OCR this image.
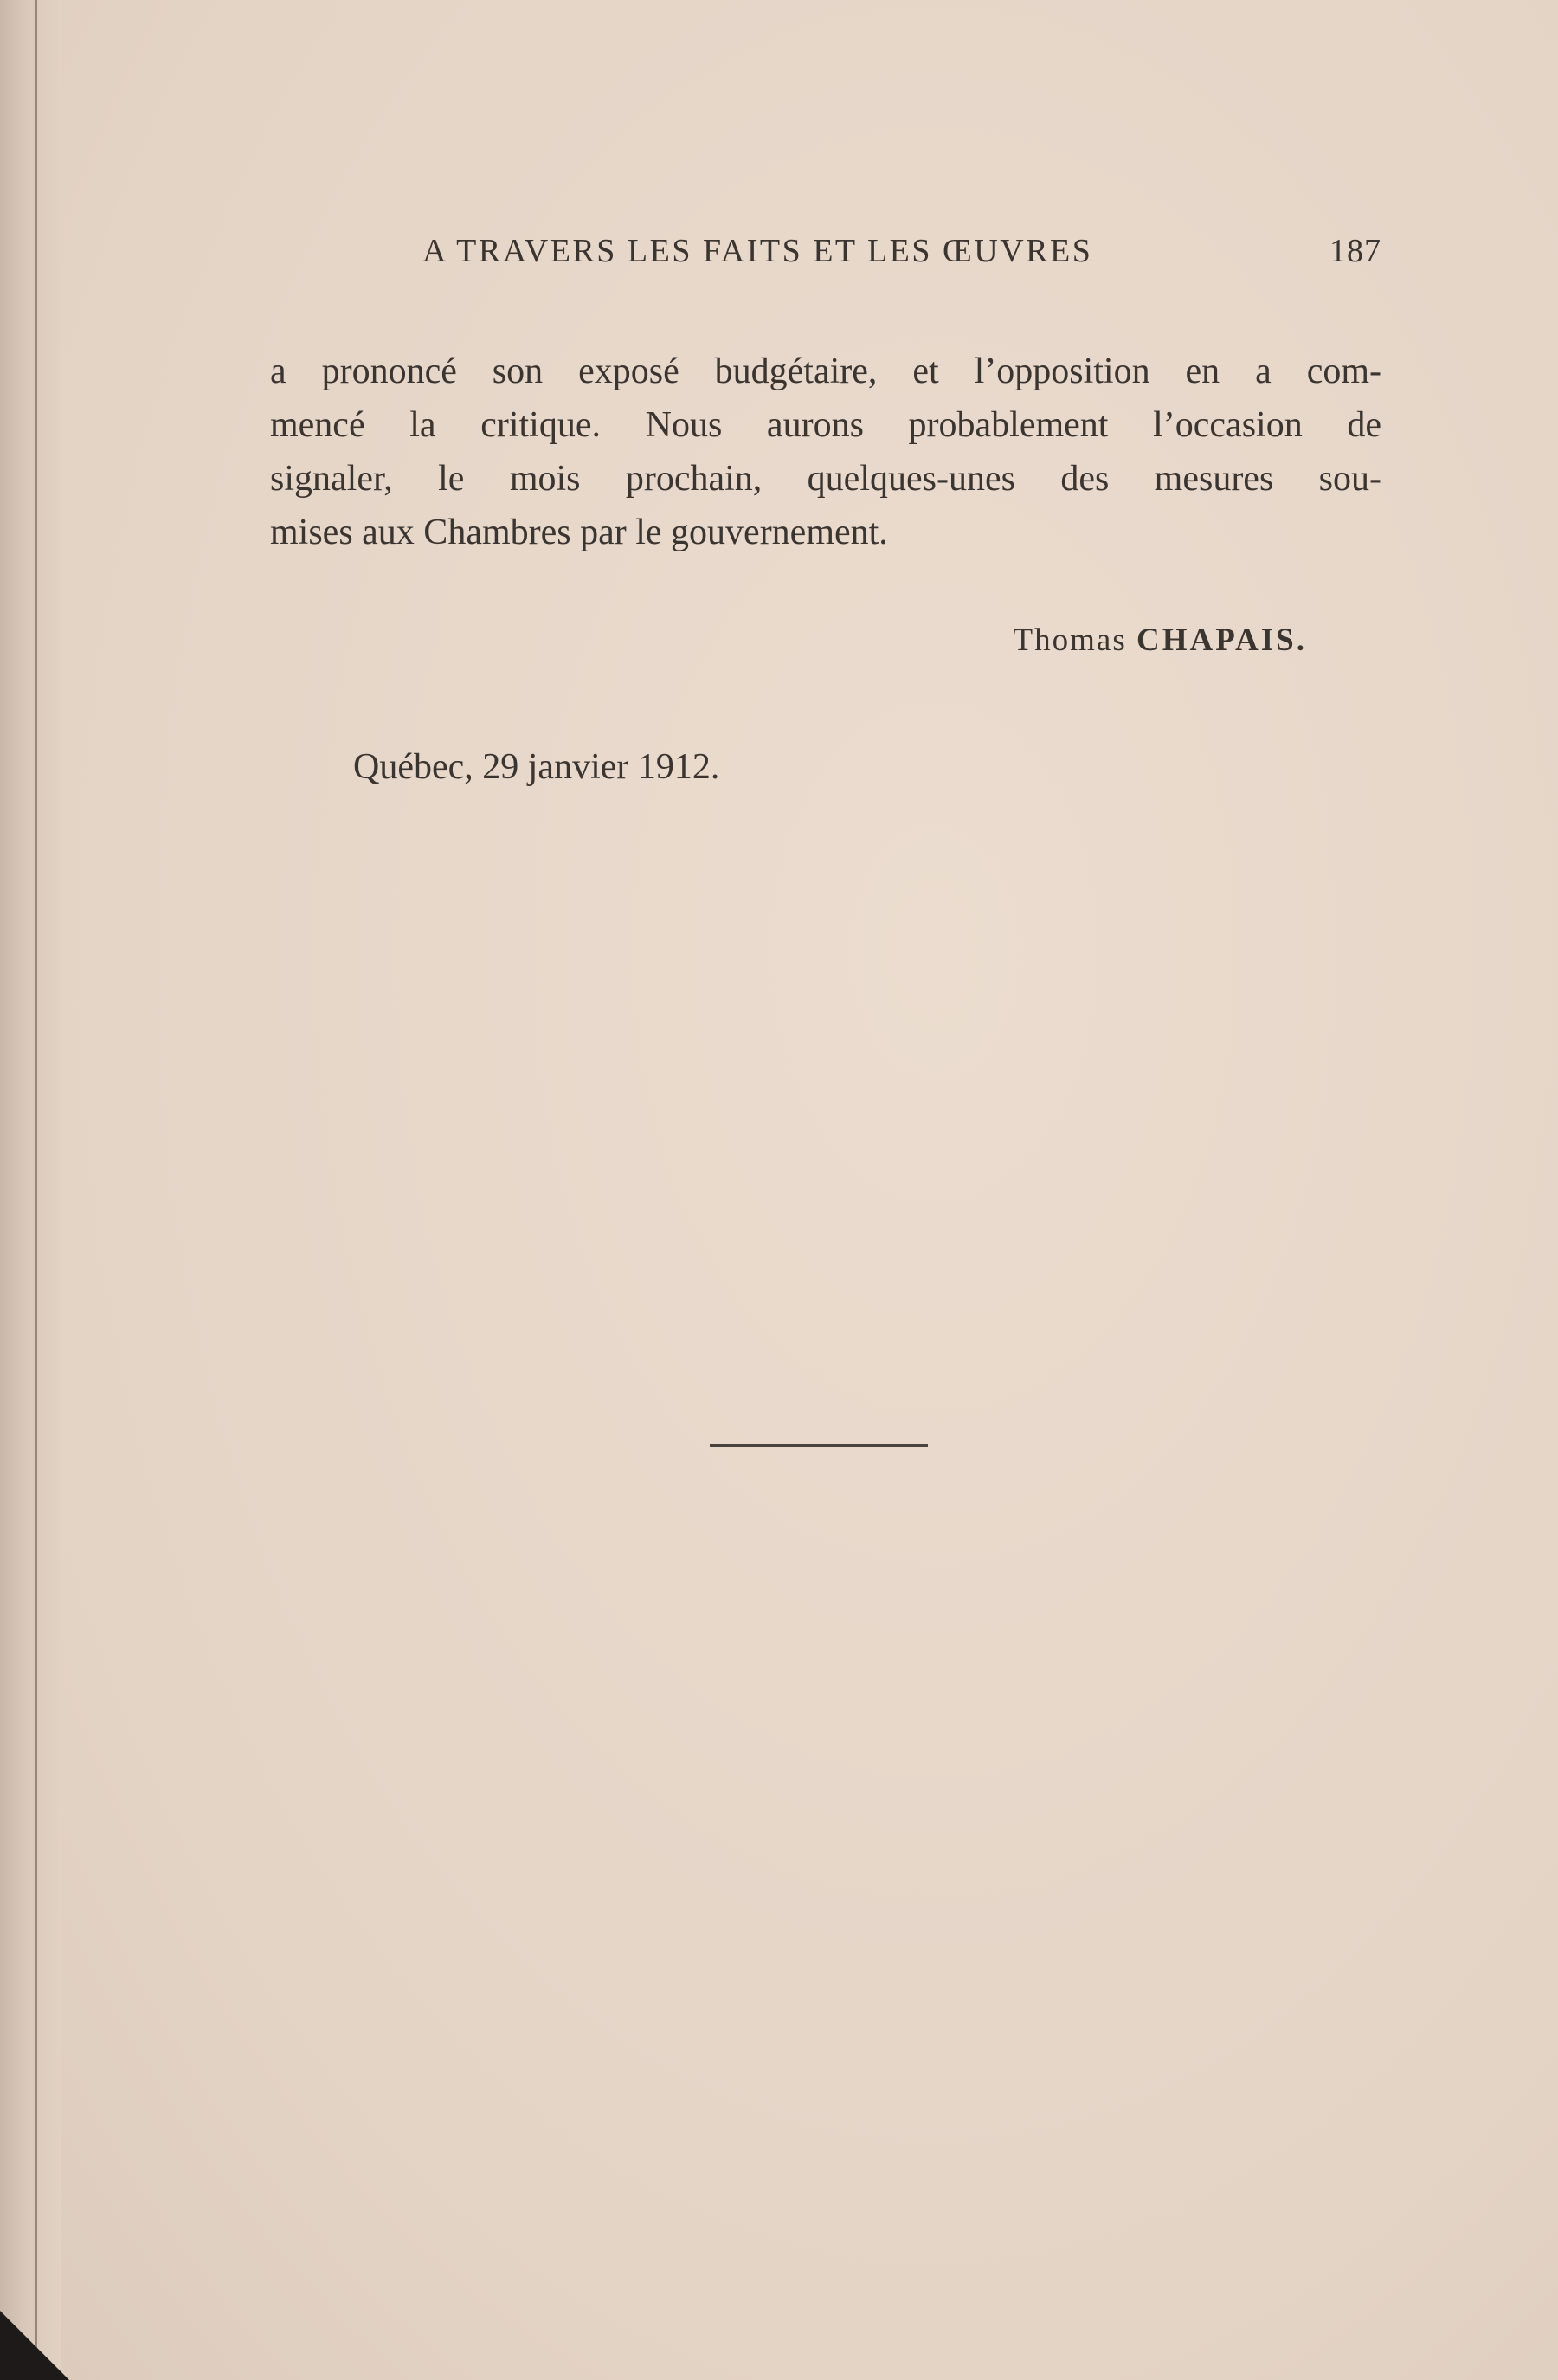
A TRAVERS LES FAITS ET LES ŒUVRES	187
a prononcé son exposé budgétaire, et l’opposition en a com-
mencé la critique. Nous aurons probablement l’occasion de
signaler, le mois prochain, quelques-unes des mesures sou-
mises aux Chambres par le gouvernement.
Thomas CHAPAIS.
Québec, 29 janvier 1912.
